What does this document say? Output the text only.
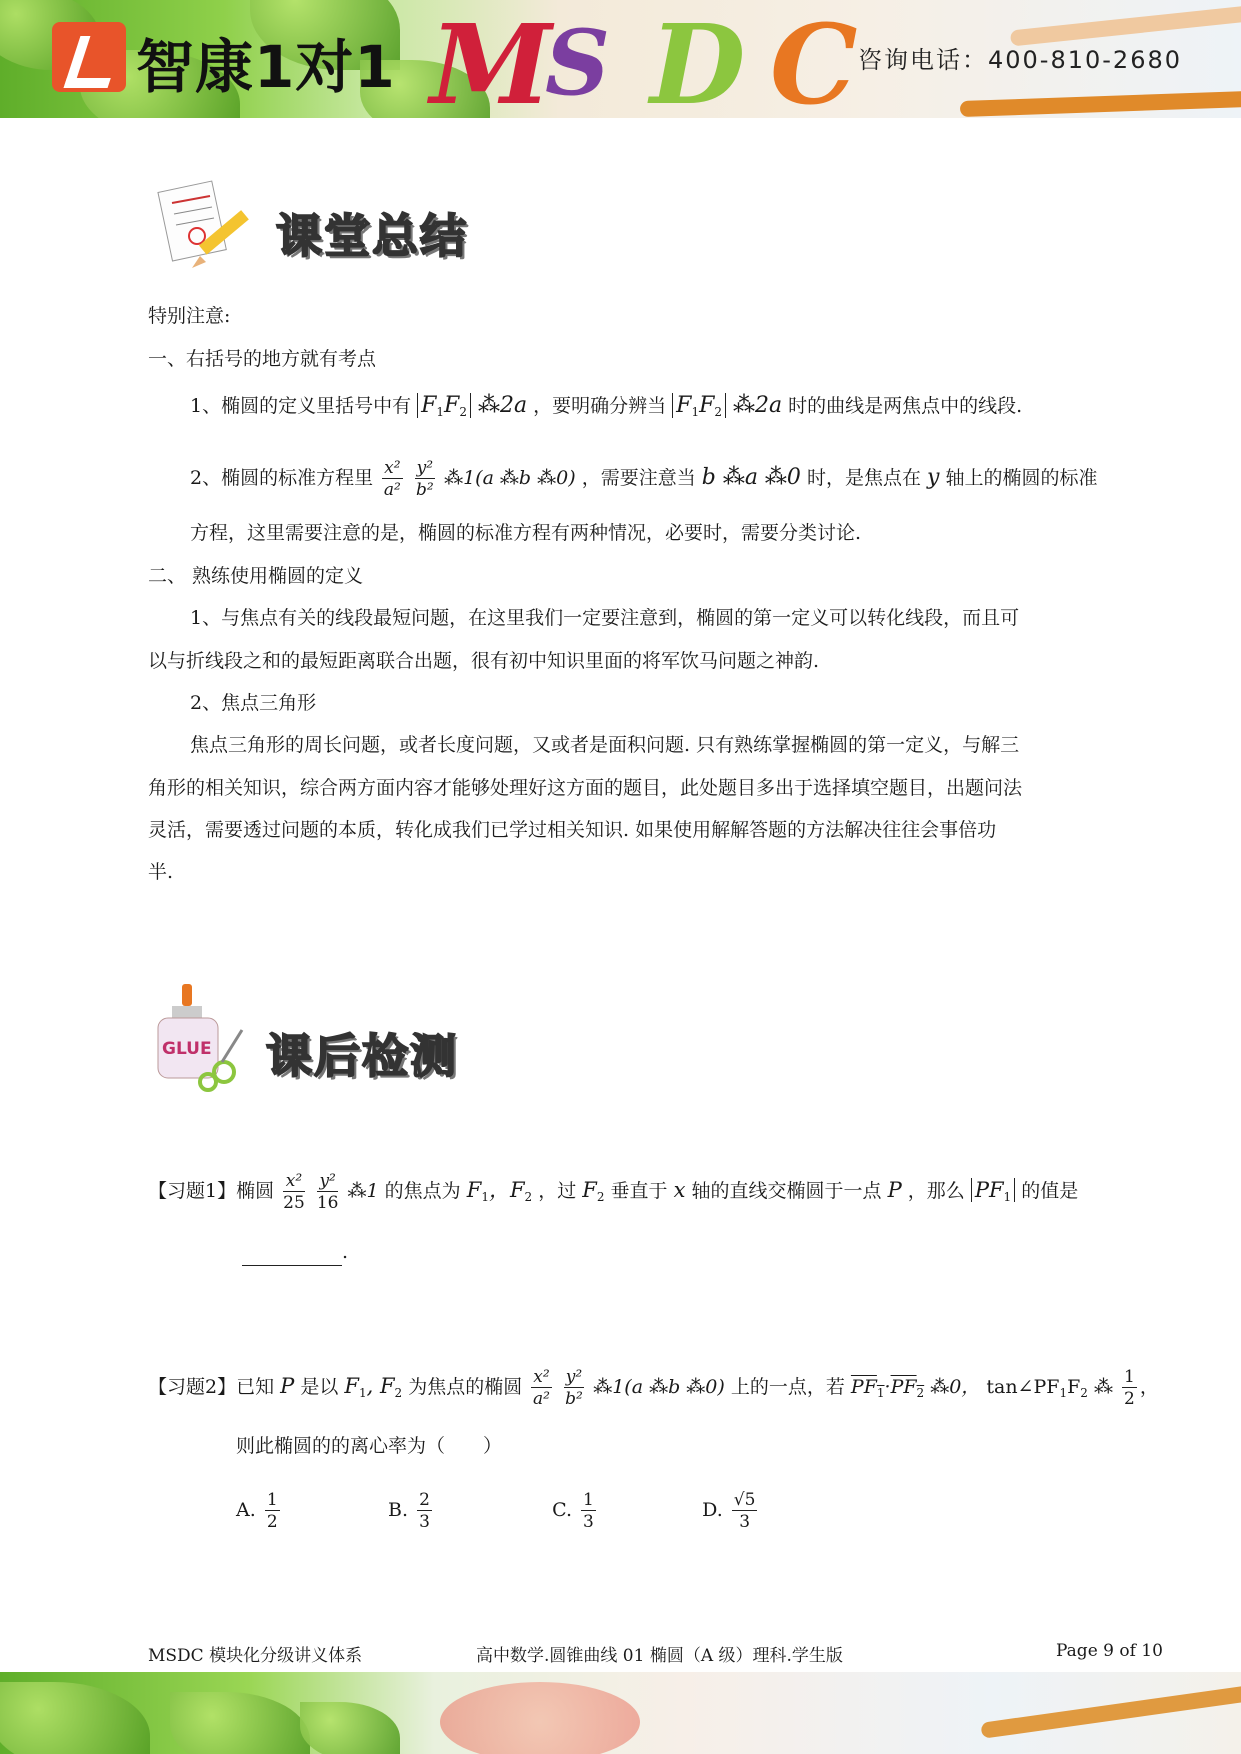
智康1对1 M
S D C 咨询电话：400-810-2680
课堂总结
特别注意:
一、右括号的地方就有考点
1、椭圆的定义里括号中有 $F_1F_2$ ⁂2a ，要明确分辨当 $F_1F_2$ ⁂2a 时的曲线是两焦点中的线段.
2、椭圆的标准方程里 $\frac{\text{x²}}{\text{a²}}$
$\frac{\text{y²}}{\text{b²}}$ ⁂1(a ⁂b ⁂0) ，需要注意当 b ⁂a ⁂0 时，是焦点在 y 轴上的椭圆的标准
方程，这里需要注意的是，椭圆的标准方程有两种情况，必要时，需要分类讨论.
二、 熟练使用椭圆的定义
1、与焦点有关的线段最短问题，在这里我们一定要注意到，椭圆的第一定义可以转化线段，而且可
以与折线段之和的最短距离联合出题，很有初中知识里面的将军饮马问题之神韵.
2、焦点三角形
焦点三角形的周长问题，或者长度问题，又或者是面积问题. 只有熟练掌握椭圆的第一定义，与解三
角形的相关知识，综合两方面内容才能够处理好这方面的题目，此处题目多出于选择填空题目，出题问法
灵活，需要透过问题的本质，转化成我们已学过相关知识. 如果使用解解答题的方法解决往往会事倍功
半.
GLUE 课后检测
【习题1】椭圆 $\frac{\text{x²}}{25}$
$\frac{\text{y²}}{16}$ ⁂1 的焦点为 $F_1$，$F_2$ ，过 $F_2$ 垂直于 x 轴的直线交椭圆于一点 P ，那么 $PF_1$ 的值是
.
【习题2】已知 P 是以 $F_1$, $F_2$ 为焦点的椭圆 $\frac{\text{x²}}{\text{a²}}$
$\frac{\text{y²}}{\text{b²}}$ ⁂1(a ⁂b ⁂0) 上的一点，若 $PF_1\cdot PF_2$ ⁂0， $\tan\angle PF_1F_2$ ⁂ $\frac{1}{2}$ ，
则此椭圆的的离心率为（　　）
A. $\frac{1}{2}$	B. $\frac{2}{3}$	C. $\frac{1}{3}$	D. $\frac{√5}{3}$
MSDC 模块化分级讲义体系	高中数学.圆锥曲线 01 椭圆（A 级）理科.学生版	Page 9 of 10
